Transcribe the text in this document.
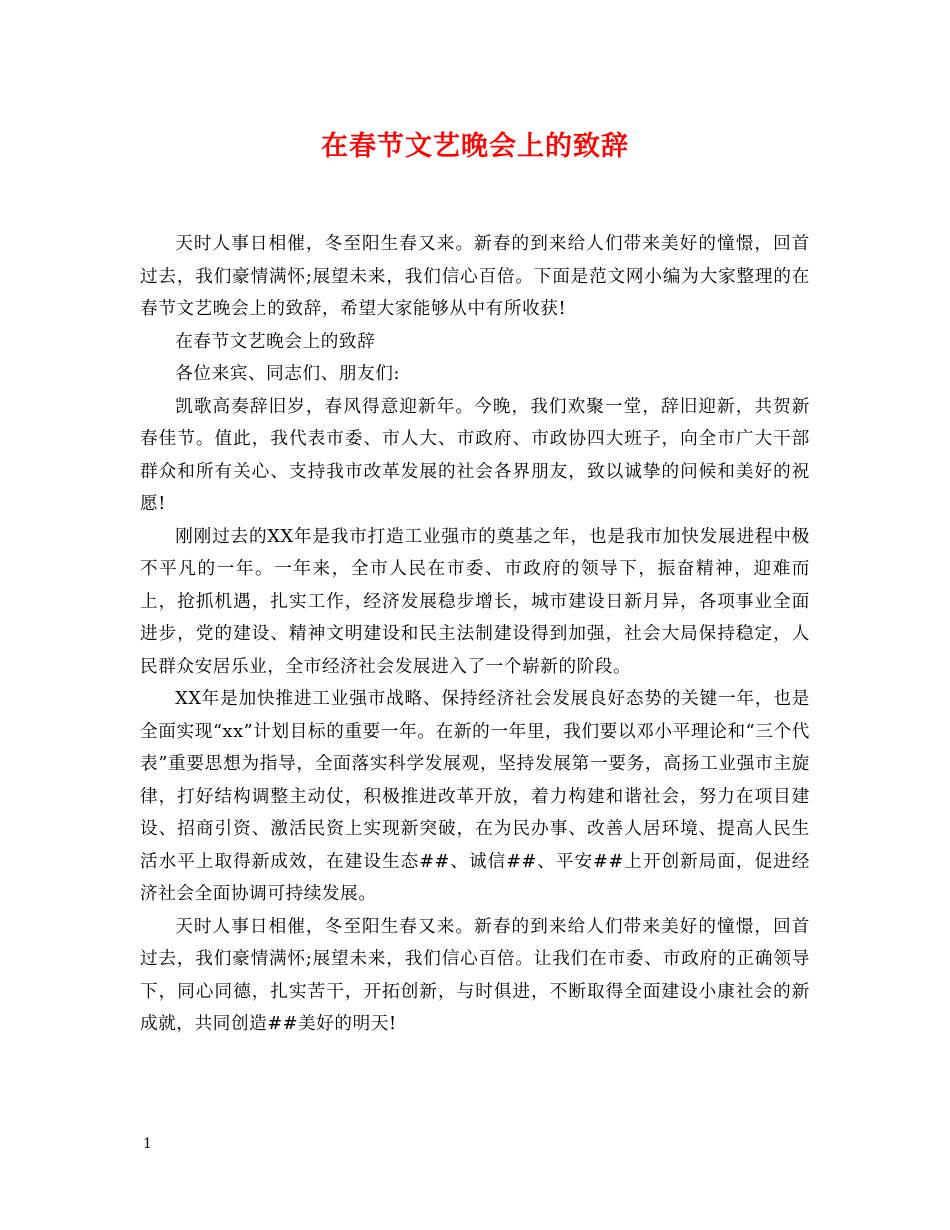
在春节文艺晚会上的致辞

天时人事日相催，冬至阳生春又来。新春的到来给人们带来美好的憧憬，回首过去，我们豪情满怀;展望未来，我们信心百倍。下面是范文网小编为大家整理的在春节文艺晚会上的致辞，希望大家能够从中有所收获!

在春节文艺晚会上的致辞

各位来宾、同志们、朋友们:

凯歌高奏辞旧岁，春风得意迎新年。今晚，我们欢聚一堂，辞旧迎新，共贺新春佳节。值此，我代表市委、市人大、市政府、市政协四大班子，向全市广大干部群众和所有关心、支持我市改革发展的社会各界朋友，致以诚挚的问候和美好的祝愿!

刚刚过去的XX年是我市打造工业强市的奠基之年，也是我市加快发展进程中极不平凡的一年。一年来，全市人民在市委、市政府的领导下，振奋精神，迎难而上，抢抓机遇，扎实工作，经济发展稳步增长，城市建设日新月异，各项事业全面进步，党的建设、精神文明建设和民主法制建设得到加强，社会大局保持稳定，人民群众安居乐业，全市经济社会发展进入了一个崭新的阶段。

XX年是加快推进工业强市战略、保持经济社会发展良好态势的关键一年，也是全面实现“xx”计划目标的重要一年。在新的一年里，我们要以邓小平理论和“三个代表”重要思想为指导，全面落实科学发展观，坚持发展第一要务，高扬工业强市主旋律，打好结构调整主动仗，积极推进改革开放，着力构建和谐社会，努力在项目建设、招商引资、激活民资上实现新突破，在为民办事、改善人居环境、提高人民生活水平上取得新成效，在建设生态##、诚信##、平安##上开创新局面，促进经济社会全面协调可持续发展。

天时人事日相催，冬至阳生春又来。新春的到来给人们带来美好的憧憬，回首过去，我们豪情满怀;展望未来，我们信心百倍。让我们在市委、市政府的正确领导下，同心同德，扎实苦干，开拓创新，与时俱进，不断取得全面建设小康社会的新成就，共同创造##美好的明天!

1
